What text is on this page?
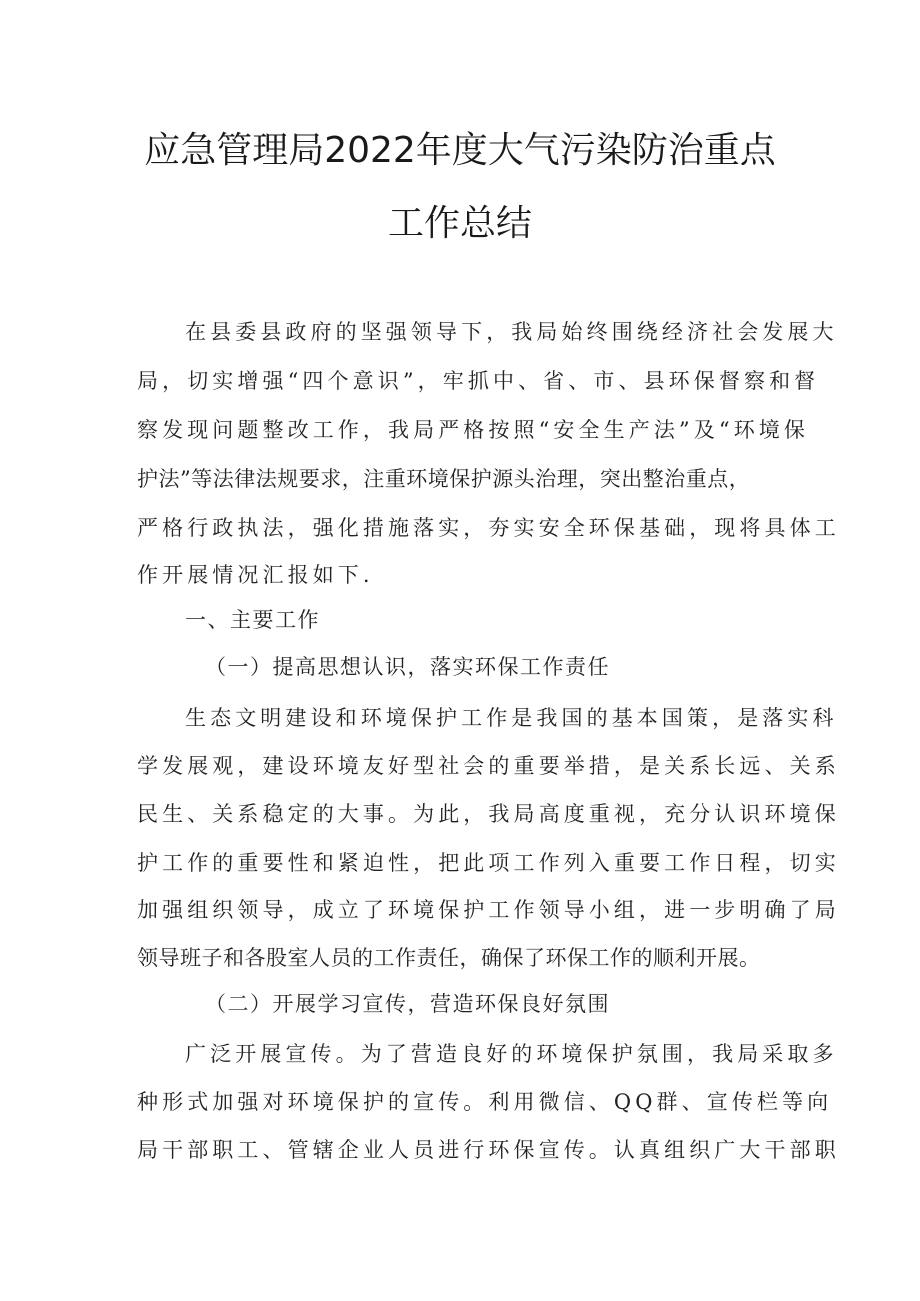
应急管理局2022年度大气污染防治重点
工作总结
在县委县政府的坚强领导下，我局始终围绕经济社会发展大
局，切实增强“四个意识”，牢抓中、省、市、县环保督察和督
察发现问题整改工作，我局严格按照“安全生产法”及“环境保
护法”等法律法规要求，注重环境保护源头治理，突出整治重点，
严格行政执法，强化措施落实，夯实安全环保基础，现将具体工
作开展情况汇报如下.
一、主要工作
（一）提高思想认识，落实环保工作责任
生态文明建设和环境保护工作是我国的基本国策，是落实科
学发展观，建设环境友好型社会的重要举措，是关系长远、关系
民生、关系稳定的大事。为此，我局高度重视，充分认识环境保
护工作的重要性和紧迫性，把此项工作列入重要工作日程，切实
加强组织领导，成立了环境保护工作领导小组，进一步明确了局
领导班子和各股室人员的工作责任，确保了环保工作的顺利开展。
（二）开展学习宣传，营造环保良好氛围
广泛开展宣传。为了营造良好的环境保护氛围，我局采取多
种形式加强对环境保护的宣传。利用微信、QQ群、宣传栏等向
局干部职工、管辖企业人员进行环保宣传。认真组织广大干部职
